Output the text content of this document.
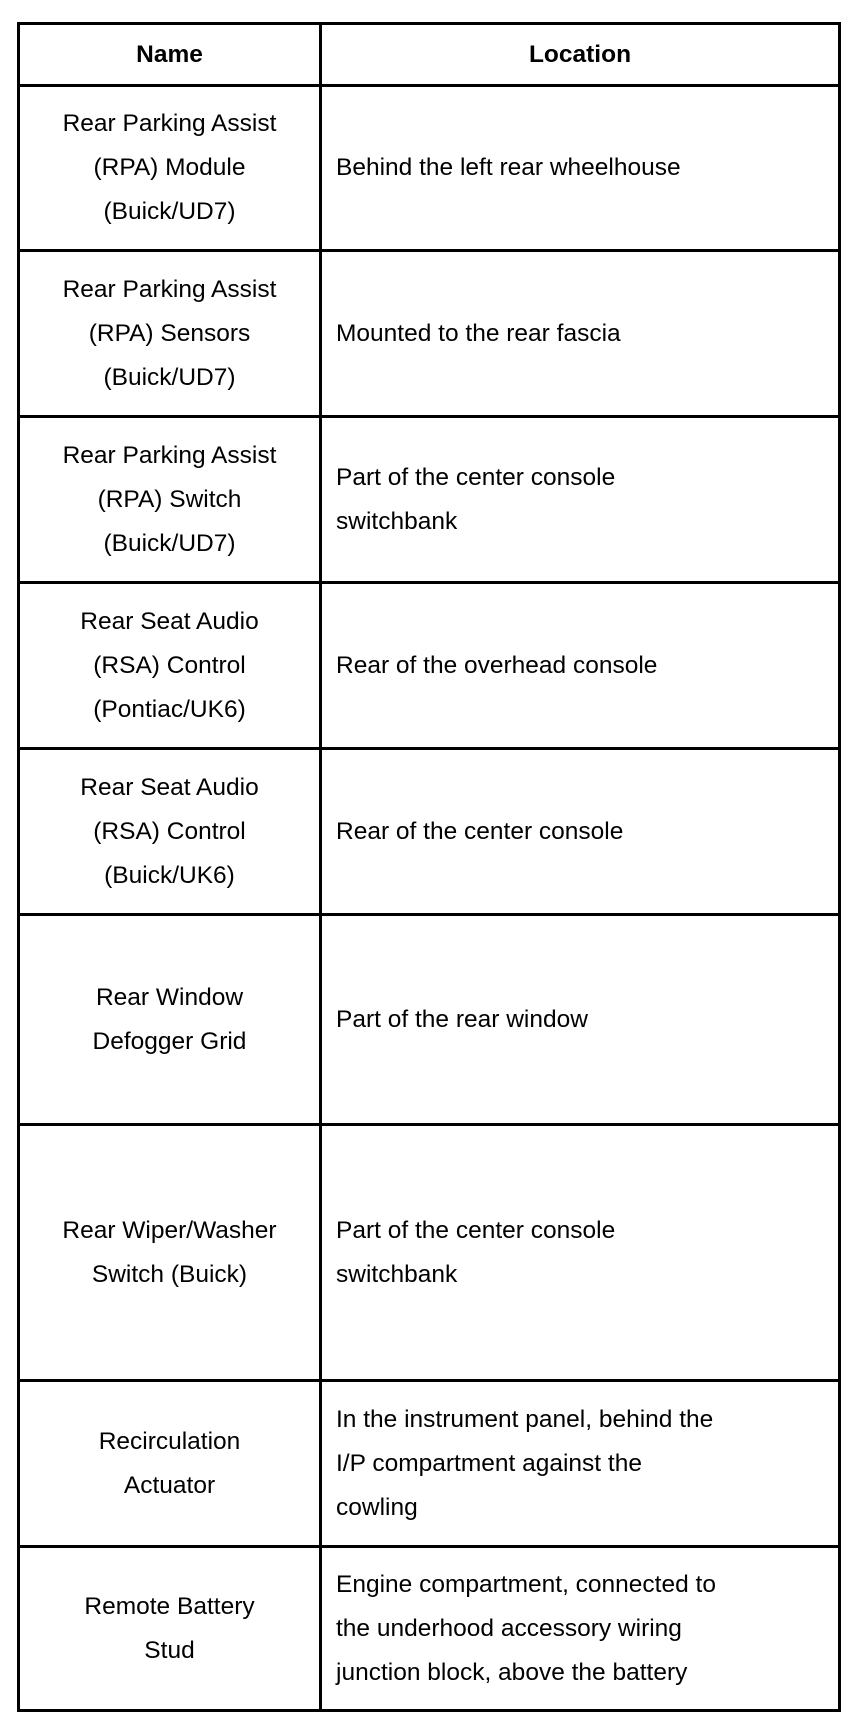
Name	Location

Rear Parking Assist
(RPA) Module
(Buick/UD7)	Behind the left rear wheelhouse

Rear Parking Assist
(RPA) Sensors
(Buick/UD7)	Mounted to the rear fascia

Rear Parking Assist
(RPA) Switch
(Buick/UD7)	Part of the center console
switchbank

Rear Seat Audio
(RSA) Control
(Pontiac/UK6)	Rear of the overhead console

Rear Seat Audio
(RSA) Control
(Buick/UK6)	Rear of the center console

Rear Window
Defogger Grid	Part of the rear window

Rear Wiper/Washer
Switch (Buick)	Part of the center console
switchbank

Recirculation
Actuator	In the instrument panel, behind the
I/P compartment against the
cowling

Remote Battery
Stud	Engine compartment, connected to
the underhood accessory wiring
junction block, above the battery
